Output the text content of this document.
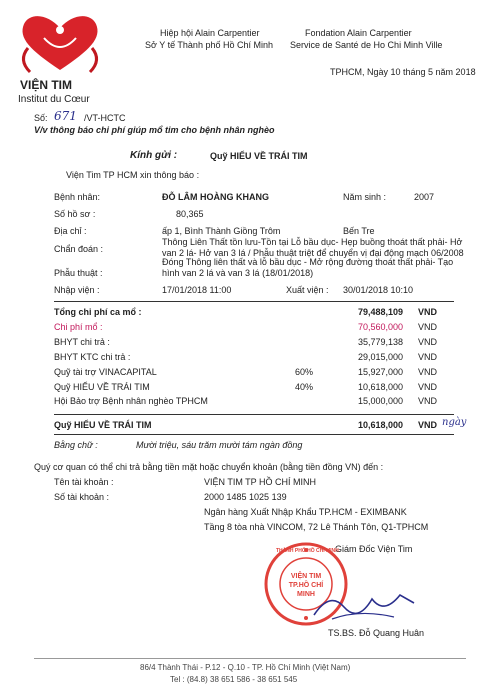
VIỆN TIM
Institut du Cœur
Hiệp hội Alain Carpentier
Sở Y tế Thành phố Hồ Chí Minh
Fondation Alain Carpentier
Service de Santé de Ho Chi Minh Ville
TPHCM, Ngày 10 tháng 5 năm 2018
Số: 671 /VT-HCTC
V/v thông báo chi phí giúp mổ tim cho bệnh nhân nghèo
Kính gửi :	Quỹ HIỂU VỀ TRÁI TIM
Viện Tim TP HCM xin thông báo :
Bệnh nhân:	ĐỖ LÂM HOÀNG KHANG	Năm sinh :	2007
Số hồ sơ :	80,365
Địa chỉ :	ấp 1, Bình Thành Giồng Trôm	Bến Tre
Chẩn đoán :
Thông Liên Thất tồn lưu-Tồn tại Lỗ bầu dục- Hẹp buồng thoát thất phải- Hở van 2 lá- Hở van 3 lá / Phẫu thuật triệt để chuyển vị đại động mạch 06/2008
Phẫu thuật :
Đóng Thông liên thất và lỗ bầu dục - Mở rộng đường thoát thất phải- Tạo hình van 2 lá và van 3 lá (18/01/2018)
Nhập viện :	17/01/2018 11:00	Xuất viện : 30/01/2018 10:10
Tổng chi phí ca mổ :	79,488,109 VND
Chi phí mổ :	70,560,000 VND
BHYT chi trả :	35,779,138 VND
BHYT KTC chi trả :	29,015,000 VND
Quỹ tài trợ VINACAPITAL	60%	15,927,000 VND
Quỹ HIỂU VỀ TRÁI TIM	40%	10,618,000 VND
Hội Bảo trợ Bệnh nhân nghèo TPHCM	15,000,000 VND
Quỹ HIỂU VỀ TRÁI TIM	10,618,000 VND ngày
Bằng chữ :	Mười triệu, sáu trăm mười tám ngàn đồng
Quý cơ quan có thể chi trả bằng tiền mặt hoặc chuyển khoản (bằng tiền đồng VN) đến :
Tên tài khoản :	VIỆN TIM TP HỒ CHÍ MINH
Số tài khoản :	2000 1485 1025 139
Ngân hàng Xuất Nhập Khẩu TP.HCM - EXIMBANK
Tầng 8 tòa nhà VINCOM, 72 Lê Thánh Tôn, Q1-TPHCM
Giám Đốc Viện Tim
THÀNH PHỐ HỒ CHÍ MINH
VIỆN TIM TP.HỒ CHÍ MINH
TS.BS. Đỗ Quang Huân
86/4 Thành Thái - P.12 - Q.10 - TP. Hồ Chí Minh (Việt Nam)
Tel : (84.8) 38 651 586 - 38 651 545
